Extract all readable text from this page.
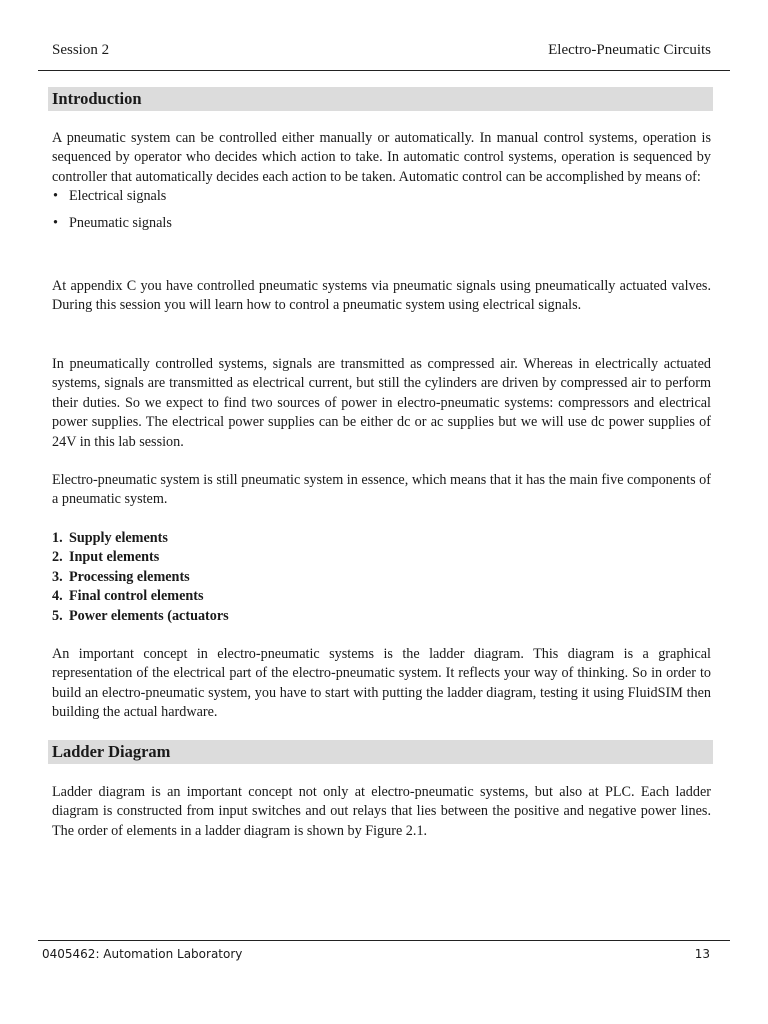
Session 2	Electro-Pneumatic Circuits
Introduction

A pneumatic system can be controlled either manually or automatically. In manual control systems, operation is sequenced by operator who decides which action to take. In automatic control systems, operation is sequenced by controller that automatically decides each action to be taken. Automatic control can be accomplished by means of:

• Electrical signals
• Pneumatic signals

At appendix C you have controlled pneumatic systems via pneumatic signals using pneumatically actuated valves. During this session you will learn how to control a pneumatic system using electrical signals.

In pneumatically controlled systems, signals are transmitted as compressed air. Whereas in electrically actuated systems, signals are transmitted as electrical current, but still the cylinders are driven by compressed air to perform their duties. So we expect to find two sources of power in electro-pneumatic systems: compressors and electrical power supplies. The electrical power supplies can be either dc or ac supplies but we will use dc power supplies of 24V in this lab session.

Electro-pneumatic system is still pneumatic system in essence, which means that it has the main five components of a pneumatic system.

1. Supply elements
2. Input elements
3. Processing elements
4. Final control elements
5. Power elements (actuators

An important concept in electro-pneumatic systems is the ladder diagram. This diagram is a graphical representation of the electrical part of the electro-pneumatic system. It reflects your way of thinking. So in order to build an electro-pneumatic system, you have to start with putting the ladder diagram, testing it using FluidSIM then building the actual hardware.

Ladder Diagram

Ladder diagram is an important concept not only at electro-pneumatic systems, but also at PLC. Each ladder diagram is constructed from input switches and out relays that lies between the positive and negative power lines. The order of elements in a ladder diagram is shown by Figure 2.1.

0405462: Automation Laboratory	13
